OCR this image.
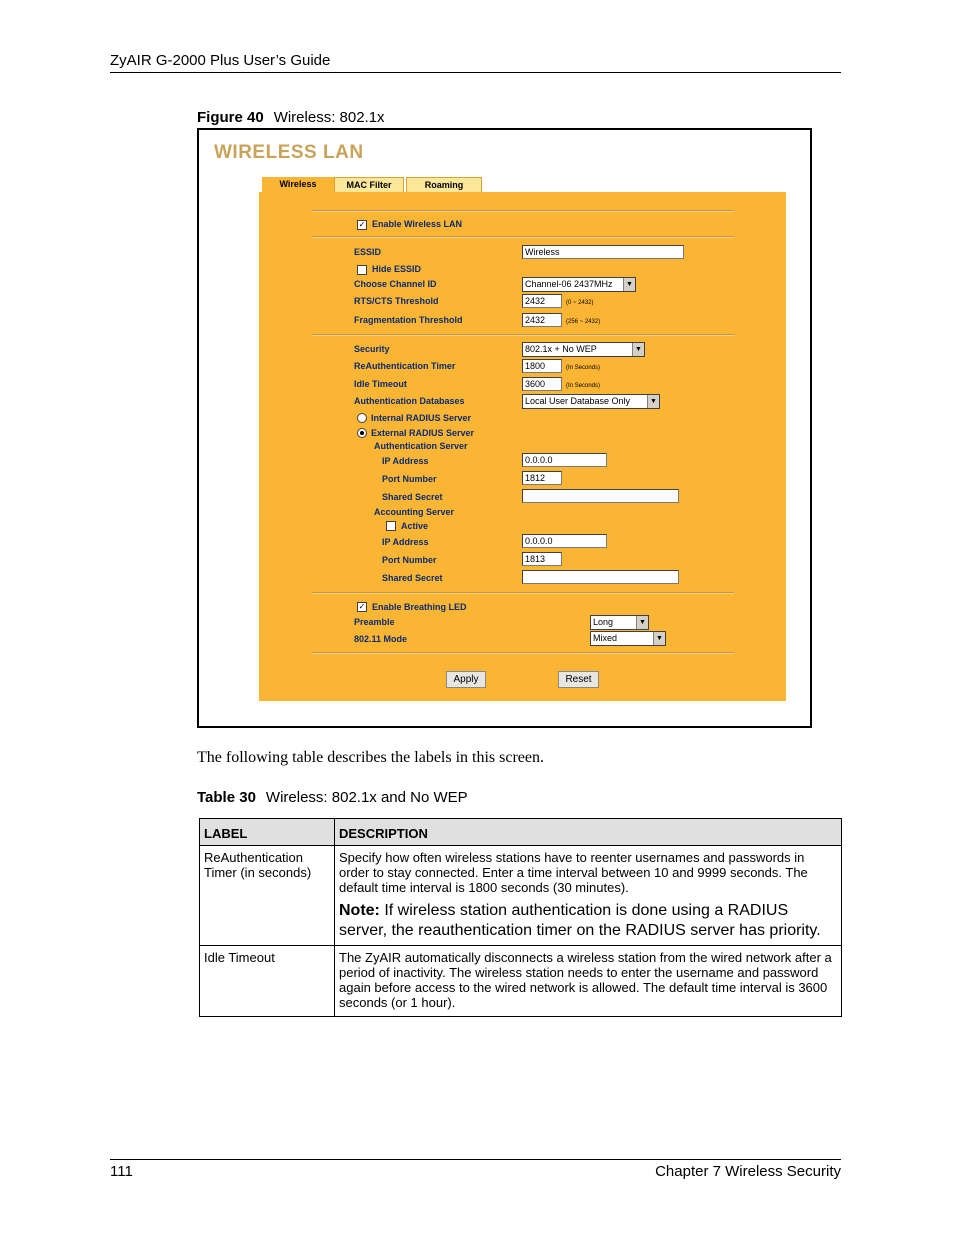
ZyAIR G-2000 Plus User’s Guide
Figure 40 Wireless: 802.1x
WIRELESS LAN
Wireless	MAC Filter	Roaming
✓ Enable Wireless LAN
ESSID	Wireless
Hide ESSID
Choose Channel ID	Channel-06 2437MHz	▼
RTS/CTS Threshold	2432	(0 ~ 2432)
Fragmentation Threshold	2432	(256 ~ 2432)
Security	802.1x + No WEP	▼
ReAuthentication Timer	1800	(In Seconds)
Idle Timeout	3600	(In Seconds)
Authentication Databases	Local User Database Only	▼
Internal RADIUS Server
External RADIUS Server
Authentication Server
IP Address	0.0.0.0
Port Number	1812
Shared Secret
Accounting Server
Active
IP Address	0.0.0.0
Port Number	1813
Shared Secret
✓ Enable Breathing LED
Preamble	Long	▼
802.11 Mode	Mixed	▼
Apply	Reset
The following table describes the labels in this screen.
Table 30 Wireless: 802.1x and No WEP
LABEL	DESCRIPTION
ReAuthentication Timer (in seconds)	Specify how often wireless stations have to reenter usernames and passwords in order to stay connected. Enter a time interval between 10 and 9999 seconds. The default time interval is 1800 seconds (30 minutes).
Note: If wireless station authentication is done using a RADIUS server, the reauthentication timer on the RADIUS server has priority.

Idle Timeout	The ZyAIR automatically disconnects a wireless station from the wired network after a period of inactivity. The wireless station needs to enter the username and password again before access to the wired network is allowed. The default time interval is 3600 seconds (or 1 hour).
111	Chapter 7 Wireless Security
